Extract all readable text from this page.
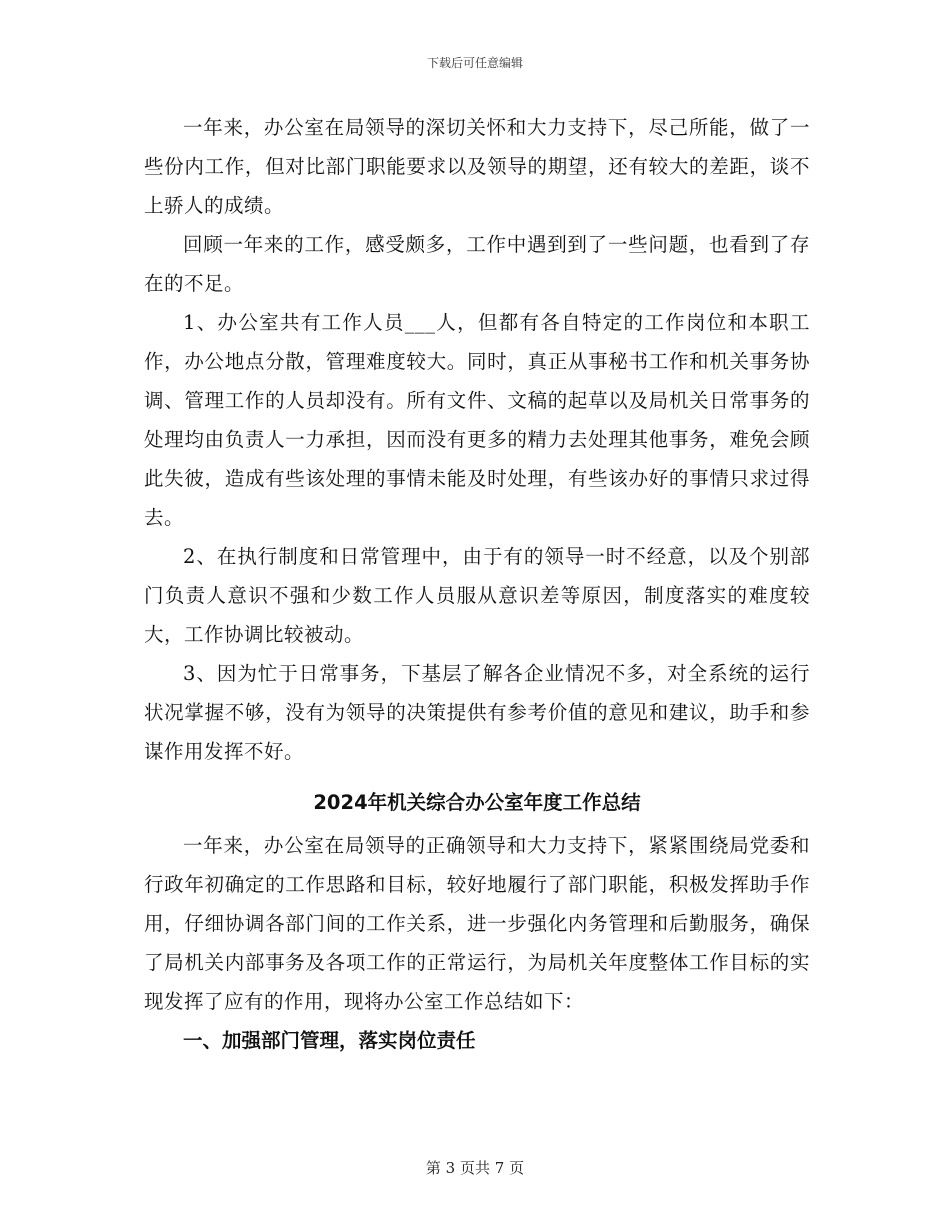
下载后可任意编辑

一年来，办公室在局领导的深切关怀和大力支持下，尽己所能，做了一些份内工作，但对比部门职能要求以及领导的期望，还有较大的差距，谈不上骄人的成绩。

回顾一年来的工作，感受颇多，工作中遇到到了一些问题，也看到了存在的不足。

1、办公室共有工作人员___人，但都有各自特定的工作岗位和本职工作，办公地点分散，管理难度较大。同时，真正从事秘书工作和机关事务协调、管理工作的人员却没有。所有文件、文稿的起草以及局机关日常事务的处理均由负责人一力承担，因而没有更多的精力去处理其他事务，难免会顾此失彼，造成有些该处理的事情未能及时处理，有些该办好的事情只求过得去。

2、在执行制度和日常管理中，由于有的领导一时不经意，以及个别部门负责人意识不强和少数工作人员服从意识差等原因，制度落实的难度较大，工作协调比较被动。

3、因为忙于日常事务，下基层了解各企业情况不多，对全系统的运行状况掌握不够，没有为领导的决策提供有参考价值的意见和建议，助手和参谋作用发挥不好。

2024年机关综合办公室年度工作总结

一年来，办公室在局领导的正确领导和大力支持下，紧紧围绕局党委和行政年初确定的工作思路和目标，较好地履行了部门职能，积极发挥助手作用，仔细协调各部门间的工作关系，进一步强化内务管理和后勤服务，确保了局机关内部事务及各项工作的正常运行，为局机关年度整体工作目标的实现发挥了应有的作用，现将办公室工作总结如下：

一、加强部门管理，落实岗位责任
第 3 页共 7 页
